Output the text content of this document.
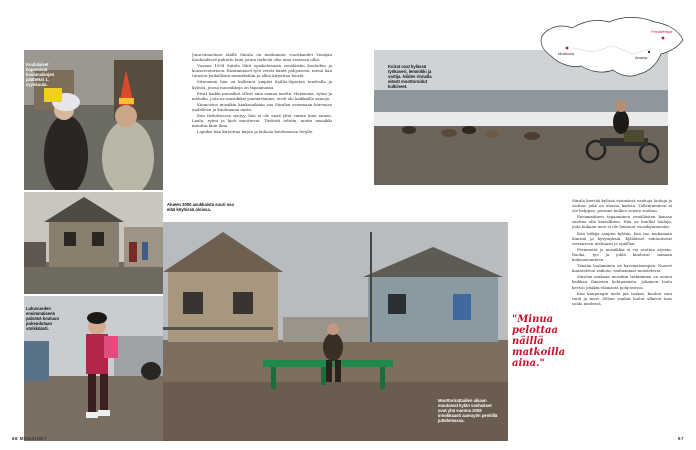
Koululaiset haparoivat koulunaikojen päätteksi 1. syyskuuta.
Lukuvuoden ensimmäisenä päivänä kouluun pukeudutaan värikkäästi.

Juna-tunnelmat täällä Siirala on matkannut vuosikaudet Venäjän Kaukoidässä puhuttu kuin jotain tärkeää olisi aina vastassa ollut.

Vuonna 1994 Siirala lähti opiskelemaan venäläisiin kouluihin ja konservatorioon. Ensimmäiset työt veivät hänet pohjoiseen, missä hän tutustui paikallisiin muusikoihin ja alkoi kirjoittaa heistä.

Sittemmin hän on kulkenut ympäri Koillis-Siperiaa tundralla ja kylissä, joissa muusikkoja on tapaamassa.

Eivät kaikki muusikot olleet aina samaa mieltä. Harmonia, rytmi ja melodia, joita ne musiikiksi ymmärtämme, eivät ole kaikkialla samoja.

Kiinnostus musiikin kaukotaikaan saa Siiralan avaamaan korvansa uudelleen ja kuulemaan uutta.

Kun tiedotteessa syntyy, hän ei ole enää yhtä varma kuin ennen. Laulu, rytmi ja kieli muuttuvat. Tiedettä tehtiin, mutta musiikki muuttui kuin ilma.

Lopuksi hän kirjoittaa kirjan ja kokoaa kuulemansa levylle.

Alueen 3000 asukkaista suuri osa elää köyhissä oloissa.
68 MENAISET
Moottorirattaiden aikaan muutamat kylän vanhukset ovat yhä vuonna 2008 innokkaasti aamuyön penkillä juttelemassa.
Koirat ovat kylässä työkaveri, lemmikki ja vartija. Niiden rinnalla elävät moottoroidut kulkineet.
Moskova
Provideniya
Anadyr

Siirala kiertää kylissä etsimässä vanhoja lauluja ja soittoa, joka on uhassa kadota. Tallentaminen ei ole helppoa: perinne kulkee suusta suuhun.

Ensimmäinen tapaaminen venäläisten kanssa saattaa olla kiusallinen. Hän on kuullut lauluja, joita kukaan muu ei ole laulanut vuosikymmeniin.

Kun tutkija saapuu kylään, hän tuo mukanaan ihmisiä ja kysymyksiä. Kyläläiset suhtautuvat vieraaseen uteliaasti ja epäillen.

Perinnettä ja musiikkia ei voi erottaa arjesta. Ruoka, työ ja juhla kuuluvat samaan kokonaisuuteen.

Tänään laulaminen on harvinaisempaa. Nuoret kuuntelevat radiota, vanhemmat muistelevat.

Siiralan mukaan musiikin tutkiminen on ennen kaikkea ihmisten kohtaamista. Jokainen laulu kertoo jotakin elämästä pohjoisessa.

Kun kaupungin melu jää taakse, kuuluu vain tuuli ja meri. Silloin vanhat laulut alkavat taas soida mielessä.

"Minua pelottaa näillä matkoilla aina."
67
